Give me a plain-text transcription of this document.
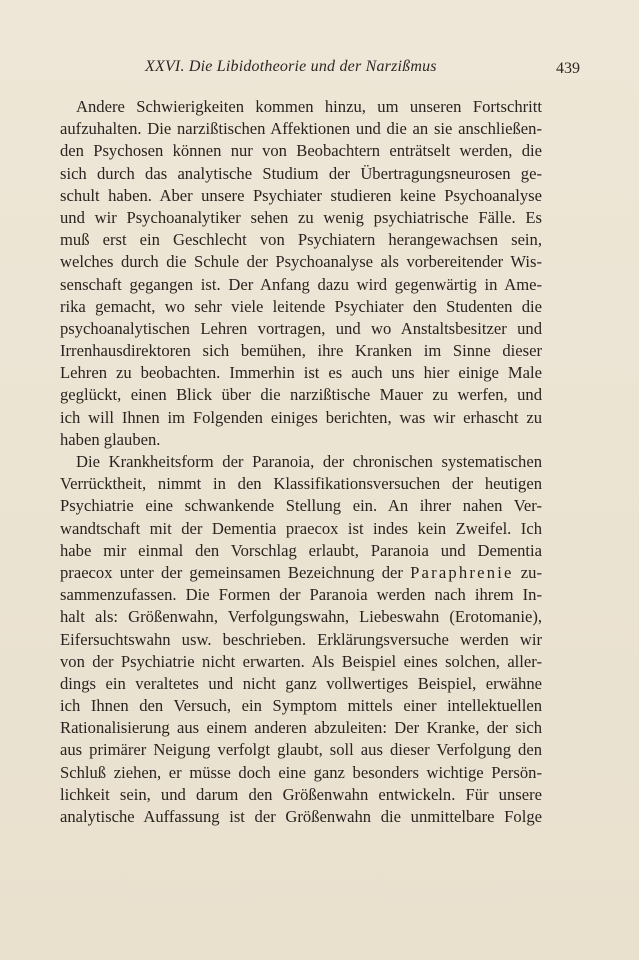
XXVI. Die Libidotheorie und der Narzißmus	439
Andere Schwierigkeiten kommen hinzu, um unseren Fortschritt
aufzuhalten. Die narzißtischen Affektionen und die an sie anschließen-
den Psychosen können nur von Beobachtern enträtselt werden, die
sich durch das analytische Studium der Übertragungsneurosen ge-
schult haben. Aber unsere Psychiater studieren keine Psychoanalyse
und wir Psychoanalytiker sehen zu wenig psychiatrische Fälle. Es
muß erst ein Geschlecht von Psychiatern herangewachsen sein,
welches durch die Schule der Psychoanalyse als vorbereitender Wis-
senschaft gegangen ist. Der Anfang dazu wird gegenwärtig in Ame-
rika gemacht, wo sehr viele leitende Psychiater den Studenten die
psychoanalytischen Lehren vortragen, und wo Anstaltsbesitzer und
Irrenhausdirektoren sich bemühen, ihre Kranken im Sinne dieser
Lehren zu beobachten. Immerhin ist es auch uns hier einige Male
geglückt, einen Blick über die narzißtische Mauer zu werfen, und
ich will Ihnen im Folgenden einiges berichten, was wir erhascht zu
haben glauben.
Die Krankheitsform der Paranoia, der chronischen systematischen
Verrücktheit, nimmt in den Klassifikationsversuchen der heutigen
Psychiatrie eine schwankende Stellung ein. An ihrer nahen Ver-
wandtschaft mit der Dementia praecox ist indes kein Zweifel. Ich
habe mir einmal den Vorschlag erlaubt, Paranoia und Dementia
praecox unter der gemeinsamen Bezeichnung der Paraphrenie zu-
sammenzufassen. Die Formen der Paranoia werden nach ihrem In-
halt als: Größenwahn, Verfolgungswahn, Liebeswahn (Erotomanie),
Eifersuchtswahn usw. beschrieben. Erklärungsversuche werden wir
von der Psychiatrie nicht erwarten. Als Beispiel eines solchen, aller-
dings ein veraltetes und nicht ganz vollwertiges Beispiel, erwähne
ich Ihnen den Versuch, ein Symptom mittels einer intellektuellen
Rationalisierung aus einem anderen abzuleiten: Der Kranke, der sich
aus primärer Neigung verfolgt glaubt, soll aus dieser Verfolgung den
Schluß ziehen, er müsse doch eine ganz besonders wichtige Persön-
lichkeit sein, und darum den Größenwahn entwickeln. Für unsere
analytische Auffassung ist der Größenwahn die unmittelbare Folge
